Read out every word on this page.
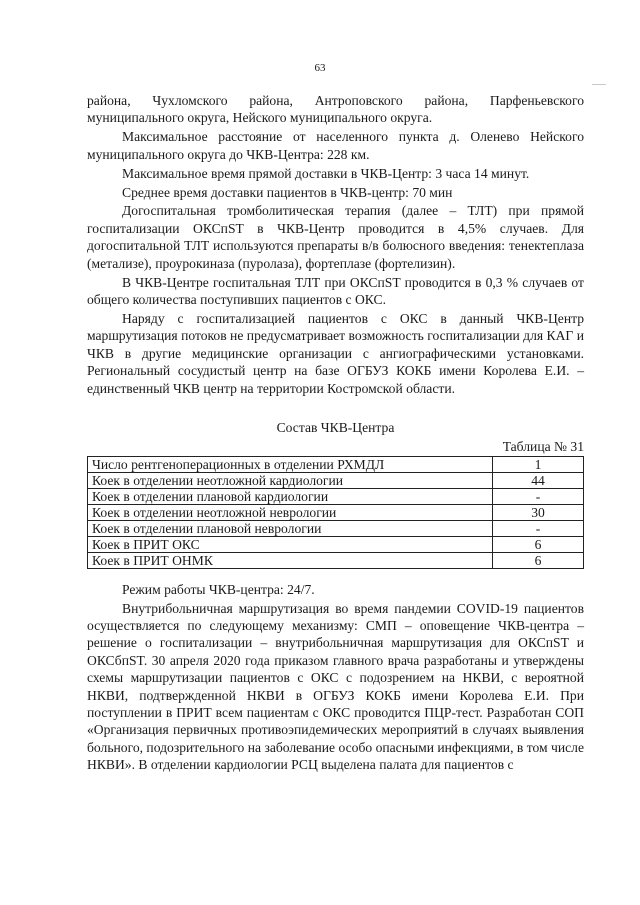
63

района, Чухломского района, Антроповского района, Парфеньевского муниципального округа, Нейского муниципального округа.

Максимальное расстояние от населенного пункта д. Оленево Нейского муниципального округа до ЧКВ-Центра: 228 км.

Максимальное время прямой доставки в ЧКВ-Центр: 3 часа 14 минут.

Среднее время доставки пациентов в ЧКВ-центр: 70 мин

Догоспитальная тромболитическая терапия (далее – ТЛТ) при прямой госпитализации ОКСпST в ЧКВ-Центр проводится в 4,5% случаев. Для догоспитальной ТЛТ используются препараты в/в болюсного введения: тенектеплаза (метализе), проурокиназа (пуролаза), фортеплазе (фортелизин).

В ЧКВ-Центре госпитальная ТЛТ при ОКСпST проводится в 0,3 % случаев от общего количества поступивших пациентов с ОКС.

Наряду с госпитализацией пациентов с ОКС в данный ЧКВ-Центр маршрутизация потоков не предусматривает возможность госпитализации для КАГ и ЧКВ в другие медицинские организации с ангиографическими установками. Региональный сосудистый центр на базе ОГБУЗ КОКБ имени Королева Е.И. – единственный ЧКВ центр на территории Костромской области.

Состав ЧКВ-Центра
Таблица № 31
Число рентгеноперационных в отделении РХМДЛ	1
Коек в отделении неотложной кардиологии	44
Коек в отделении плановой кардиологии	-
Коек в отделении неотложной неврологии	30
Коек в отделении плановой неврологии	-
Коек в ПРИТ ОКС	6
Коек в ПРИТ ОНМК	6

Режим работы ЧКВ-центра: 24/7.

Внутрибольничная маршрутизация во время пандемии COVID-19 пациентов осуществляется по следующему механизму: СМП – оповещение ЧКВ-центра – решение о госпитализации – внутрибольничная маршрутизация для ОКСпST и ОКСбпST. 30 апреля 2020 года приказом главного врача разработаны и утверждены схемы маршрутизации пациентов с ОКС с подозрением на НКВИ, с вероятной НКВИ, подтвержденной НКВИ в ОГБУЗ КОКБ имени Королева Е.И. При поступлении в ПРИТ всем пациентам с ОКС проводится ПЦР-тест. Разработан СОП «Организация первичных противоэпидемических мероприятий в случаях выявления больного, подозрительного на заболевание особо опасными инфекциями, в том числе НКВИ». В отделении кардиологии РСЦ выделена палата для пациентов с
